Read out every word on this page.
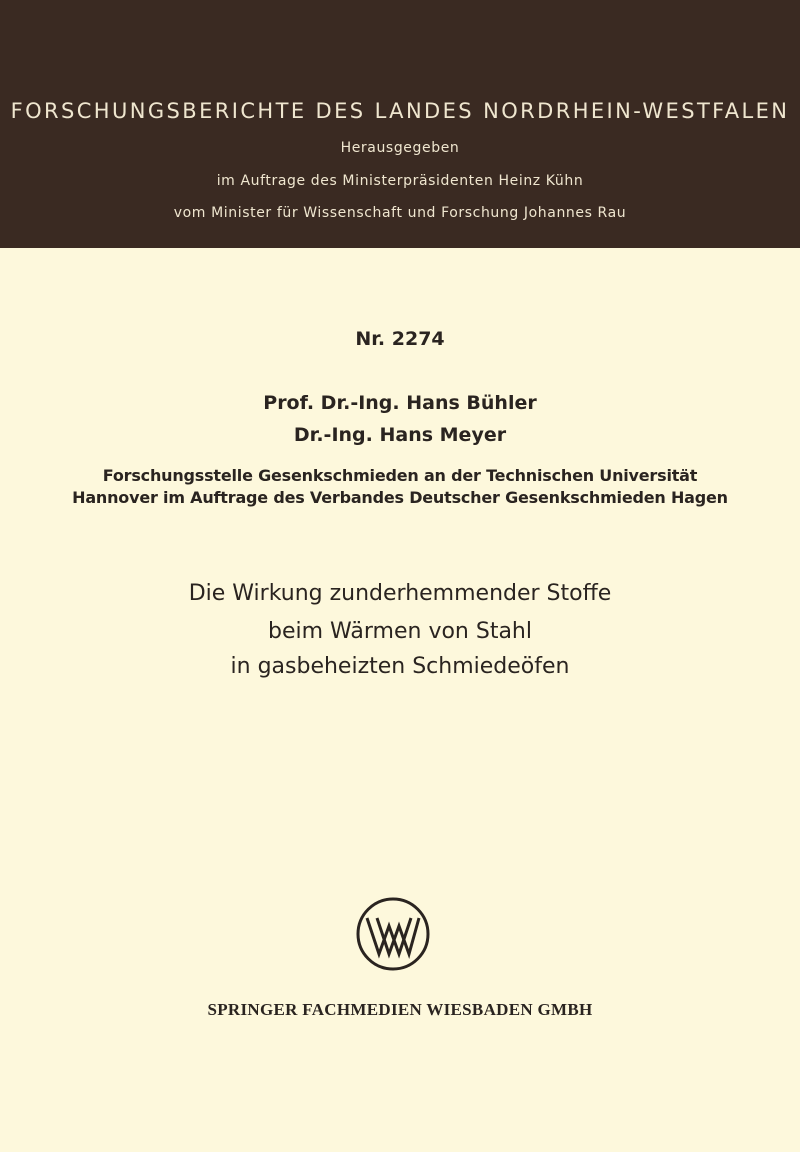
FORSCHUNGSBERICHTE DES LANDES NORDRHEIN-WESTFALEN
Herausgegeben
im Auftrage des Ministerpräsidenten Heinz Kühn
vom Minister für Wissenschaft und Forschung Johannes Rau
Nr. 2274
Prof. Dr.-Ing. Hans Bühler
Dr.-Ing. Hans Meyer
Forschungsstelle Gesenkschmieden an der Technischen Universität
Hannover im Auftrage des Verbandes Deutscher Gesenkschmieden Hagen
Die Wirkung zunderhemmender Stoffe
beim Wärmen von Stahl
in gasbeheizten Schmiedeöfen
SPRINGER FACHMEDIEN WIESBADEN GMBH
